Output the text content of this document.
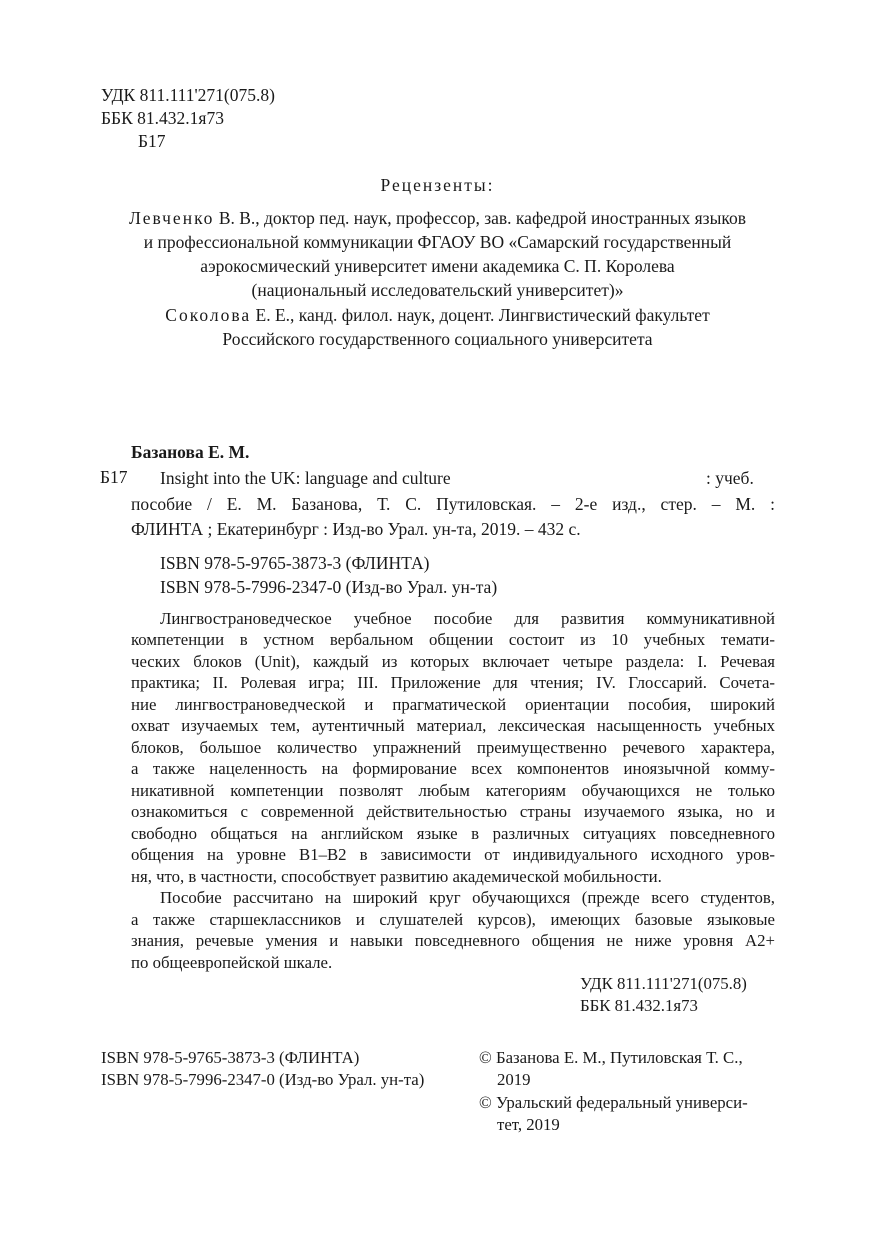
УДК 811.111'271(075.8)
ББК 81.432.1я73
Б17
Рецензенты:
Левченко В. В., доктор пед. наук, профессор, зав. кафедрой иностранных языков
и профессиональной коммуникации ФГАОУ ВО «Самарский государственный
аэрокосмический университет имени академика С. П. Королева
(национальный исследовательский университет)»
Соколова Е. Е., канд. филол. наук, доцент. Лингвистический факультет
Российского государственного социального университета
Базанова Е. М.
Б17 Insight into the UK: language and culture	: учеб.
пособие / Е. М. Базанова, Т. С. Путиловская. – 2-е изд., стер. – М. :
ФЛИНТА ; Екатеринбург : Изд-во Урал. ун-та, 2019. – 432 с.
ISBN 978-5-9765-3873-3 (ФЛИНТА)
ISBN 978-5-7996-2347-0 (Изд-во Урал. ун-та)
Лингвострановедческое учебное пособие для развития коммуникативной
компетенции в устном вербальном общении состоит из 10 учебных темати-
ческих блоков (Unit), каждый из которых включает четыре раздела: I. Речевая
практика; II. Ролевая игра; III. Приложение для чтения; IV. Глоссарий. Сочета-
ние лингвострановедческой и прагматической ориентации пособия, широкий
охват изучаемых тем, аутентичный материал, лексическая насыщенность учебных
блоков, большое количество упражнений преимущественно речевого характера,
а также нацеленность на формирование всех компонентов иноязычной комму-
никативной компетенции позволят любым категориям обучающихся не только
ознакомиться с современной действительностью страны изучаемого языка, но и
свободно общаться на английском языке в различных ситуациях повседневного
общения на уровне В1–В2 в зависимости от индивидуального исходного уров-
ня, что, в частности, способствует развитию академической мобильности.
Пособие рассчитано на широкий круг обучающихся (прежде всего студентов,
а также старшеклассников и слушателей курсов), имеющих базовые языковые
знания, речевые умения и навыки повседневного общения не ниже уровня А2+
по общеевропейской шкале.
УДК 811.111'271(075.8)
ББК 81.432.1я73
ISBN 978-5-9765-3873-3 (ФЛИНТА)
ISBN 978-5-7996-2347-0 (Изд-во Урал. ун-та)
© Базанова Е. М., Путиловская Т. С.,
2019
© Уральский федеральный универси-
тет, 2019
